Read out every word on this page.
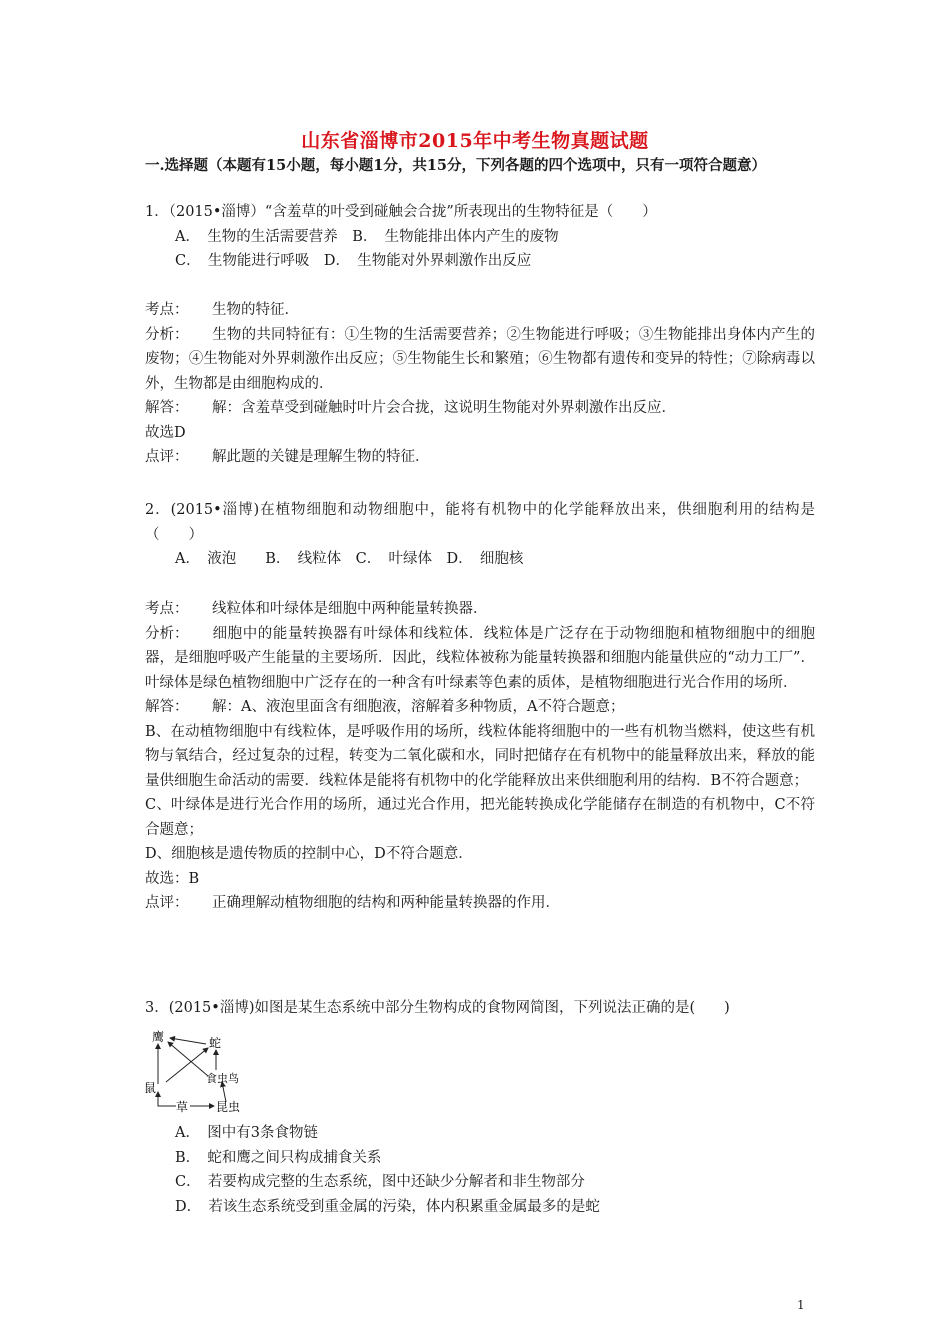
山东省淄博市2015年中考生物真题试题
一.选择题（本题有15小题，每小题1分，共15分，下列各题的四个选项中，只有一项符合题意）
1．（2015•淄博）“含羞草的叶受到碰触会合拢”所表现出的生物特征是（　　）
A．　生物的生活需要营养　B．　生物能排出体内产生的废物
C．　生物能进行呼吸　D．　生物能对外界刺激作出反应
考点： 生物的特征．
分析： 生物的共同特征有：①生物的生活需要营养；②生物能进行呼吸；③生物能排出身体内产生的废物；④生物能对外界刺激作出反应；⑤生物能生长和繁殖；⑥生物都有遗传和变异的特性；⑦除病毒以外，生物都是由细胞构成的．
解答： 解：含羞草受到碰触时叶片会合拢，这说明生物能对外界刺激作出反应．
故选D
点评： 解此题的关键是理解生物的特征．
2．(2015•淄博)在植物细胞和动物细胞中，能将有机物中的化学能释放出来，供细胞利用的结构是（　　）
A．　液泡　　B．　线粒体　C．　叶绿体　D．　细胞核
考点： 线粒体和叶绿体是细胞中两种能量转换器．
分析： 细胞中的能量转换器有叶绿体和线粒体．线粒体是广泛存在于动物细胞和植物细胞中的细胞器，是细胞呼吸产生能量的主要场所．因此，线粒体被称为能量转换器和细胞内能量供应的“动力工厂”．叶绿体是绿色植物细胞中广泛存在的一种含有叶绿素等色素的质体，是植物细胞进行光合作用的场所．
解答： 解：A、液泡里面含有细胞液，溶解着多种物质，A不符合题意；
B、在动植物细胞中有线粒体，是呼吸作用的场所，线粒体能将细胞中的一些有机物当燃料，使这些有机物与氧结合，经过复杂的过程，转变为二氧化碳和水，同时把储存在有机物中的能量释放出来，释放的能量供细胞生命活动的需要．线粒体是能将有机物中的化学能释放出来供细胞利用的结构．B不符合题意；
C、叶绿体是进行光合作用的场所，通过光合作用，把光能转换成化学能储存在制造的有机物中，C不符合题意；
D、细胞核是遗传物质的控制中心，D不符合题意．
故选：B
点评： 正确理解动植物细胞的结构和两种能量转换器的作用．
3．(2015•淄博)如图是某生态系统中部分生物构成的食物网简图，下列说法正确的是(　　)
鹰	蛇
鼠
食虫鸟
草 昆虫
A．　图中有3条食物链
B．　蛇和鹰之间只构成捕食关系
C．　若要构成完整的生态系统，图中还缺少分解者和非生物部分
D．　若该生态系统受到重金属的污染，体内积累重金属最多的是蛇
1
